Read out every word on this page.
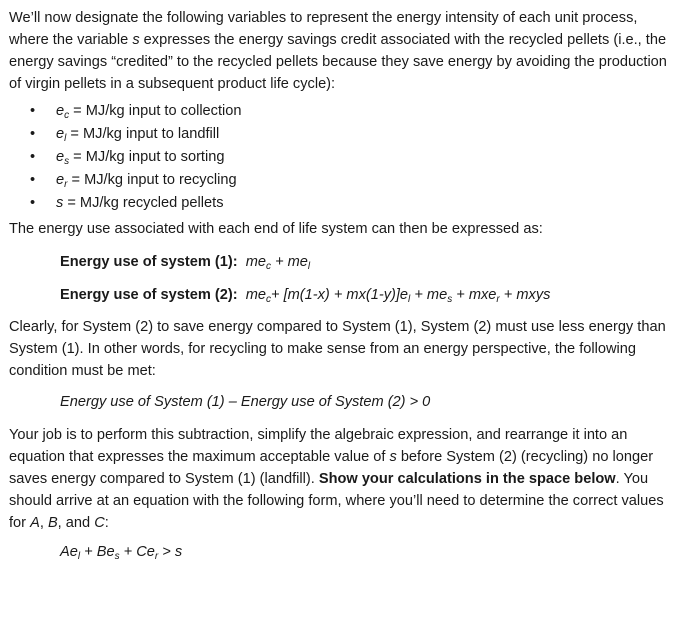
We’ll now designate the following variables to represent the energy intensity of each unit process, where the variable s expresses the energy savings credit associated with the recycled pellets (i.e., the energy savings “credited” to the recycled pellets because they save energy by avoiding the production of virgin pellets in a subsequent product life cycle):

• $e_c = MJ/kg$ input to collection
• $e_l = MJ/kg$ input to landfill
• $e_s = MJ/kg$ input to sorting
• $e_r = MJ/kg$ input to recycling
• s = MJ/kg recycled pellets

The energy use associated with each end of life system can then be expressed as:

Energy use of system (1): $me_c + me_l$

Energy use of system (2): $me_c+ [m(1-x) + mx(1-y)]e_l + me_s + mxe_r$ + mxys

Clearly, for System (2) to save energy compared to System (1), System (2) must use less energy than System (1). In other words, for recycling to make sense from an energy perspective, the following condition must be met:

Energy use of System (1) – Energy use of System (2) > 0

Your job is to perform this subtraction, simplify the algebraic expression, and rearrange it into an equation that expresses the maximum acceptable value of s before System (2) (recycling) no longer saves energy compared to System (1) (landfill). Show your calculations in the space below. You should arrive at an equation with the following form, where you’ll need to determine the correct values for A, B, and C:

$Ae_l + Be_s + Ce_r > s$
